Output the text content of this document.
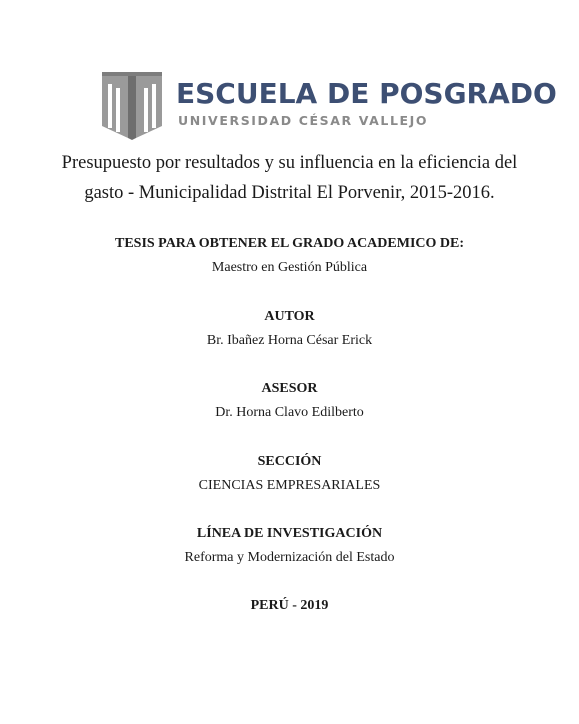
ESCUELA DE POSGRADO
UNIVERSIDAD CÉSAR VALLEJO
Presupuesto por resultados y su influencia en la eficiencia del
gasto - Municipalidad Distrital El Porvenir, 2015-2016.
TESIS PARA OBTENER EL GRADO ACADEMICO DE:
Maestro en Gestión Pública
AUTOR
Br. Ibañez Horna César Erick
ASESOR
Dr. Horna Clavo Edilberto
SECCIÓN
CIENCIAS EMPRESARIALES
LÍNEA DE INVESTIGACIÓN
Reforma y Modernización del Estado
PERÚ - 2019
